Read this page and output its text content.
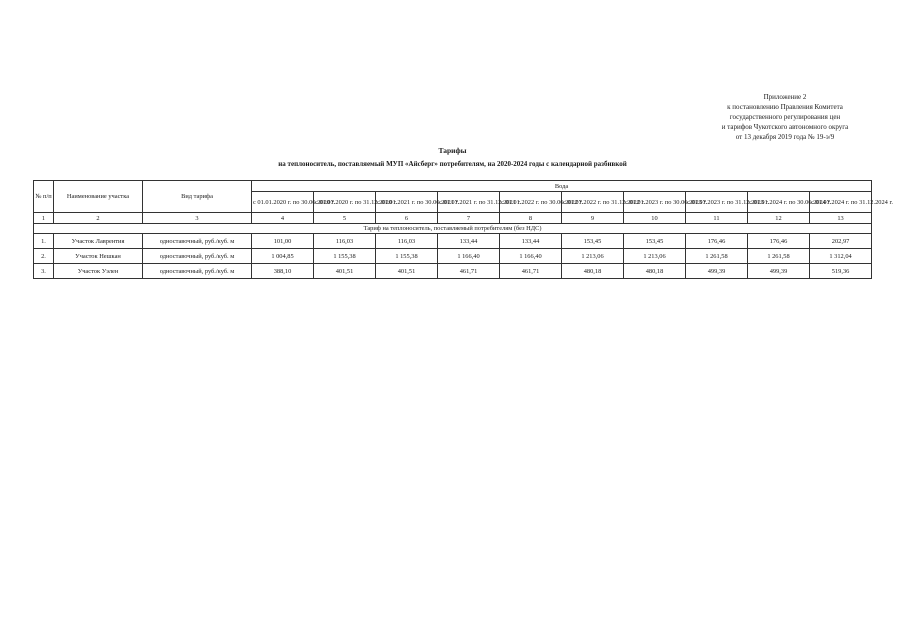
Приложение 2
к постановлению Правления Комитета
государственного регулирования цен
и тарифов Чукотского автономного округа
от 13 декабря 2019 года № 19-э/9
Тарифы
на теплоноситель, поставляемый МУП «Айсберг» потребителям, на 2020-2024 годы с календарной разбивкой
№ п/п	Наименование участка	Вид тарифа	Вода									
			с 01.01.2020 г. по 30.06.2020 г.	с 01.07.2020 г. по 31.12.2020 г.	с 01.01.2021 г. по 30.06.2021 г.	с 01.07.2021 г. по 31.12.2021 г.	с 01.01.2022 г. по 30.06.2022 г.	с 01.07.2022 г. по 31.12.2022 г.	с 01.01.2023 г. по 30.06.2023 г.	с 01.07.2023 г. по 31.12.2023 г.	с 01.01.2024 г. по 30.06.2024 г.	с 01.07.2024 г. по 31.12.2024 г.
1	2	3	4	5	6	7	8	9	10	11	12	13
Тариф на теплоноситель, поставляемый потребителям (без НДС)												
1.	Участок Лаврентия	одноставочный, руб./куб. м	101,00	116,03	116,03	133,44	133,44	153,45	153,45	176,46	176,46	202,97
2.	Участок Нешкан	одноставочный, руб./куб. м	1 004,85	1 155,38	1 155,38	1 166,40	1 166,40	1 213,06	1 213,06	1 261,58	1 261,58	1 312,04
3.	Участок Уэлен	одноставочный, руб./куб. м	388,10	401,51	401,51	461,71	461,71	480,18	480,18	499,39	499,39	519,36
